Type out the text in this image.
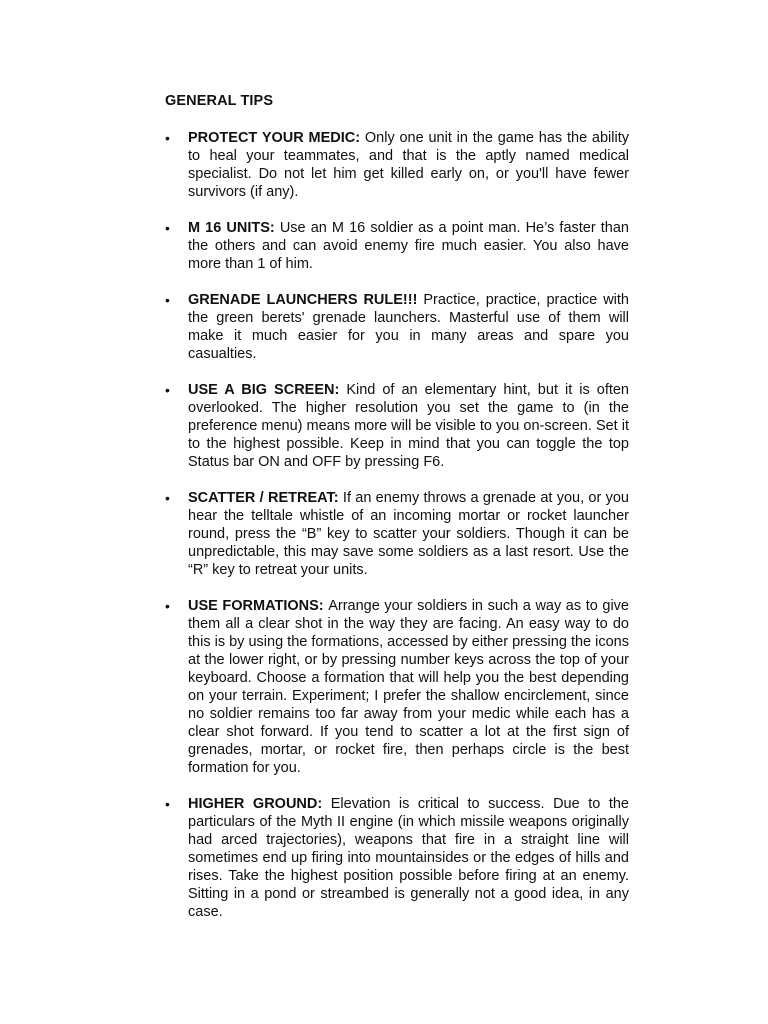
GENERAL TIPS
• PROTECT YOUR MEDIC: Only one unit in the game has the ability to heal your teammates, and that is the aptly named medical specialist. Do not let him get killed early on, or you'll have fewer survivors (if any).
• M 16 UNITS: Use an M 16 soldier as a point man. He’s faster than the others and can avoid enemy fire much easier. You also have more than 1 of him.
• GRENADE LAUNCHERS RULE!!! Practice, practice, practice with the green berets' grenade launchers. Masterful use of them will make it much easier for you in many areas and spare you casualties.
• USE A BIG SCREEN: Kind of an elementary hint, but it is often overlooked. The higher resolution you set the game to (in the preference menu) means more will be visible to you on-screen. Set it to the highest possible. Keep in mind that you can toggle the top Status bar ON and OFF by pressing F6.
• SCATTER / RETREAT: If an enemy throws a grenade at you, or you hear the telltale whistle of an incoming mortar or rocket launcher round, press the “B” key to scatter your soldiers. Though it can be unpredictable, this may save some soldiers as a last resort. Use the “R” key to retreat your units.
• USE FORMATIONS: Arrange your soldiers in such a way as to give them all a clear shot in the way they are facing. An easy way to do this is by using the formations, accessed by either pressing the icons at the lower right, or by pressing number keys across the top of your keyboard. Choose a formation that will help you the best depending on your terrain. Experiment; I prefer the shallow encirclement, since no soldier remains too far away from your medic while each has a clear shot forward. If you tend to scatter a lot at the first sign of grenades, mortar, or rocket fire, then perhaps circle is the best formation for you.
• HIGHER GROUND: Elevation is critical to success. Due to the particulars of the Myth II engine (in which missile weapons originally had arced trajectories), weapons that fire in a straight line will sometimes end up firing into mountainsides or the edges of hills and rises. Take the highest position possible before firing at an enemy. Sitting in a pond or streambed is generally not a good idea, in any case.
